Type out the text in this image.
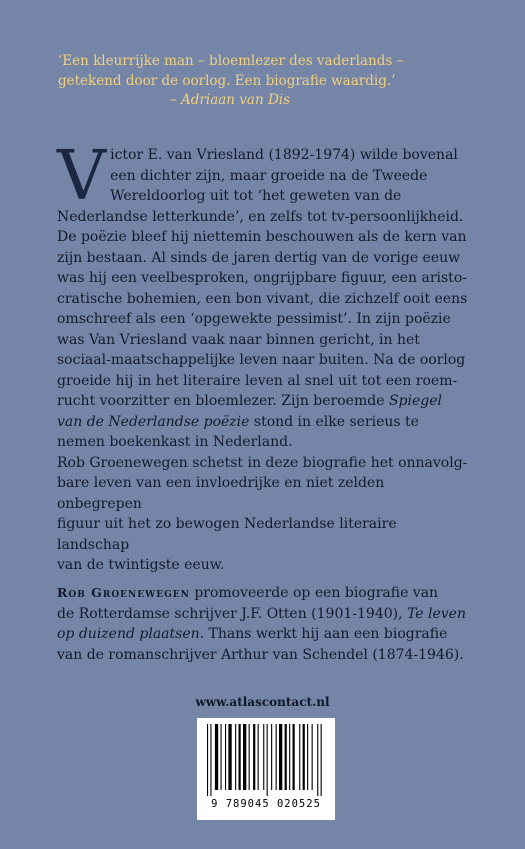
‘Een kleurrijke man – bloemlezer des vaderlands –
getekend door de oorlog. Een biografie waardig.’

– Adriaan van Dis
V ictor E. van Vriesland (1892-1974) wilde bovenal
een dichter zijn, maar groeide na de Tweede
Wereldoorlog uit tot ‘het geweten van de
Nederlandse letterkunde’, en zelfs tot tv-persoonlijkheid.
De poëzie bleef hij niettemin beschouwen als de kern van
zijn bestaan. Al sinds de jaren dertig van de vorige eeuw
was hij een veelbesproken, ongrijpbare figuur, een aristo-
cratische bohemien, een bon vivant, die zichzelf ooit eens
omschreef als een ‘opgewekte pessimist’. In zijn poëzie
was Van Vriesland vaak naar binnen gericht, in het
sociaal-maatschappelijke leven naar buiten. Na de oorlog
groeide hij in het literaire leven al snel uit tot een roem-
rucht voorzitter en bloemlezer. Zijn beroemde Spiegel
van de Nederlandse poëzie stond in elke serieus te
nemen boekenkast in Nederland.
Rob Groenewegen schetst in deze biografie het onnavolg-
bare leven van een invloedrijke en niet zelden onbegrepen
figuur uit het zo bewogen Nederlandse literaire landschap
van de twintigste eeuw.
Rob Groenewegen promoveerde op een biografie van
de Rotterdamse schrijver J.F. Otten (1901-1940), Te leven
op duizend plaatsen. Thans werkt hij aan een biografie
van de romanschrijver Arthur van Schendel (1874-1946).
www.atlascontact.nl
9 789045 020525
